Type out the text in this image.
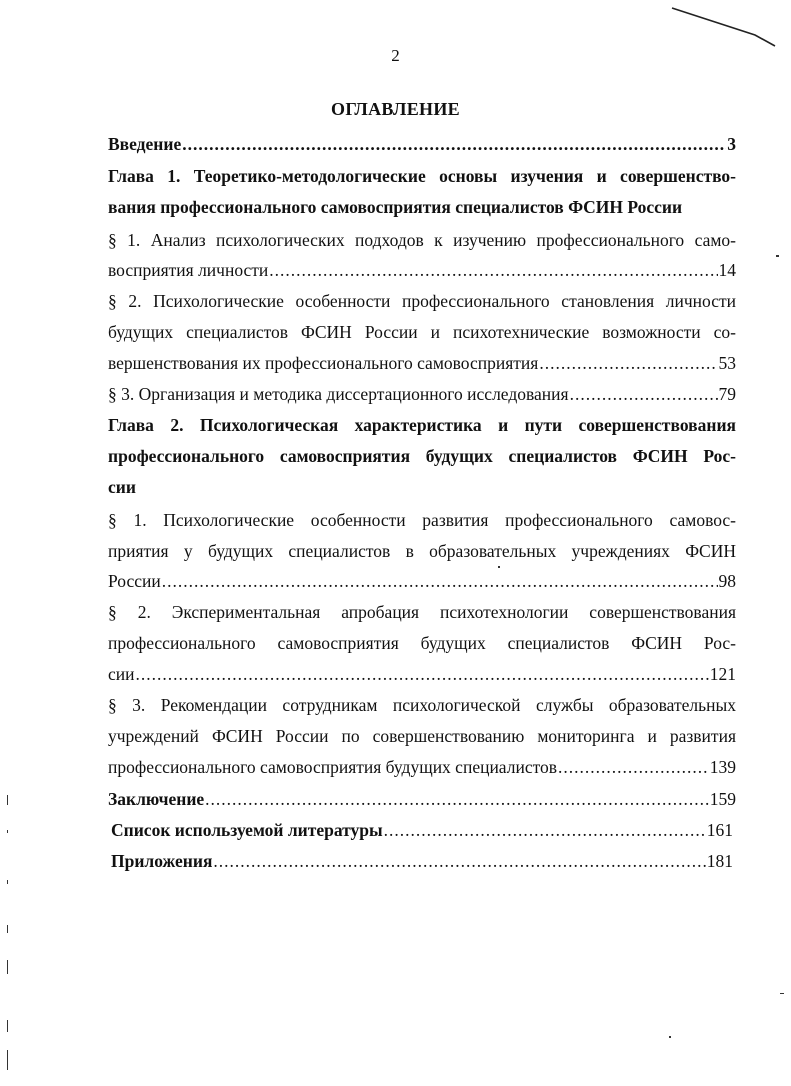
2
ОГЛАВЛЕНИЕ
Введение .....	3
Глава 1. Теоретико-методологические основы изучения и совершенство-
вания профессионального самовосприятия специалистов ФСИН России
§ 1. Анализ психологических подходов к изучению профессионального само-
восприятия личности .....	14
§ 2. Психологические особенности профессионального становления личности
будущих специалистов ФСИН России и психотехнические возможности со-
вершенствования их профессионального самовосприятия .....	53
§ 3. Организация и методика диссертационного исследования .....	79
Глава 2. Психологическая характеристика и пути совершенствования
профессионального самовосприятия будущих специалистов ФСИН Рос-
сии
§ 1. Психологические особенности развития профессионального самовос-
приятия у будущих специалистов в образовательных учреждениях ФСИН
России .....	98
§ 2. Экспериментальная апробация психотехнологии совершенствования
профессионального самовосприятия будущих специалистов ФСИН Рос-
сии .....	121
§ 3. Рекомендации сотрудникам психологической службы образовательных
учреждений ФСИН России по совершенствованию мониторинга и развития
профессионального самовосприятия будущих специалистов .....	139
Заключение .....	159
Список используемой литературы .....	161
Приложения .....	181
